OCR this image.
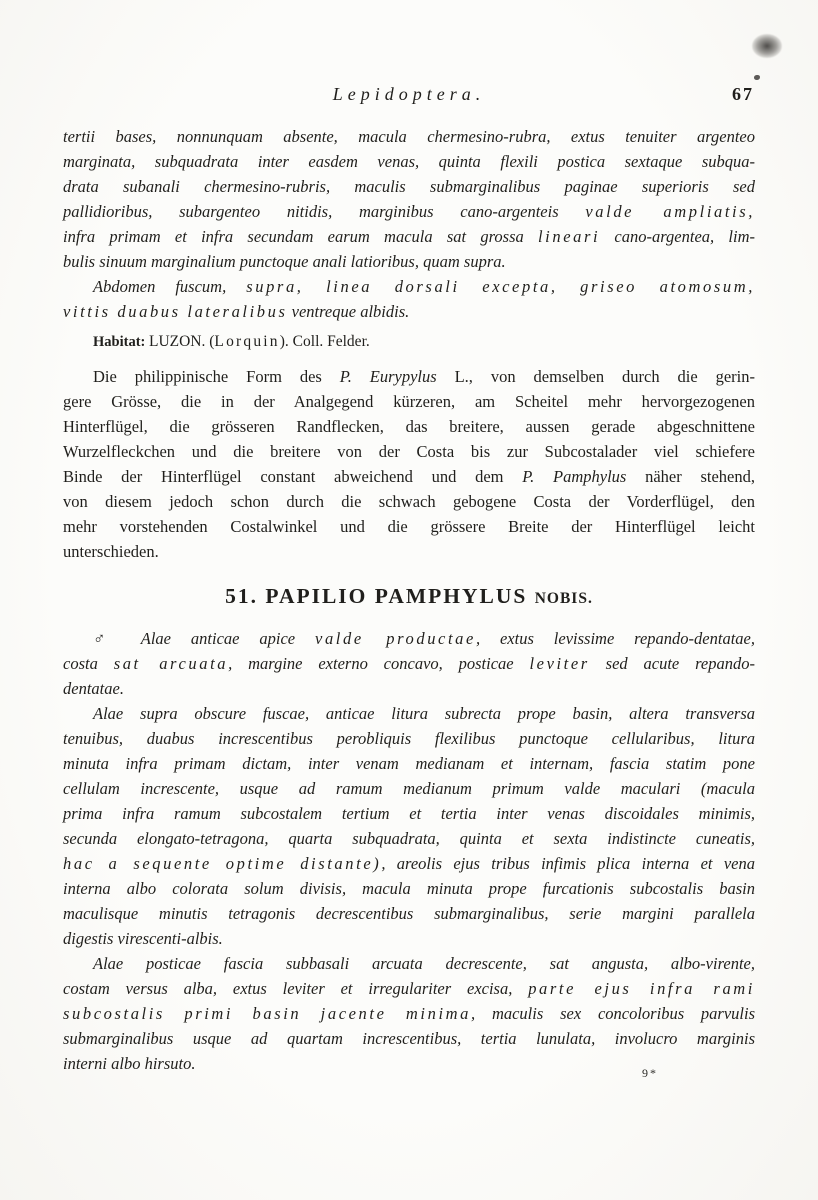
Lepidoptera.	67
tertii bases, nonnunquam absente, macula chermesino-rubra, extus tenuiter argenteo
marginata, subquadrata inter easdem venas, quinta flexili postica sextaque subqua-
drata subanali chermesino-rubris, maculis submarginalibus paginae superioris sed
pallidioribus, subargenteo nitidis, marginibus cano-argenteis valde ampliatis,
infra primam et infra secundam earum macula sat grossa lineari cano-argentea, lim-
bulis sinuum marginalium punctoque anali latioribus, quam supra.
Abdomen fuscum, supra, linea dorsali excepta, griseo atomosum,
vittis duabus lateralibus ventreque albidis.
Habitat: LUZON. (Lorquin). Coll. Felder.
Die philippinische Form des P. Eurypylus L., von demselben durch die gerin-
gere Grösse, die in der Analgegend kürzeren, am Scheitel mehr hervorgezogenen
Hinterflügel, die grösseren Randflecken, das breitere, aussen gerade abgeschnittene
Wurzelfleckchen und die breitere von der Costa bis zur Subcostalader viel schiefere
Binde der Hinterflügel constant abweichend und dem P. Pamphylus näher stehend,
von diesem jedoch schon durch die schwach gebogene Costa der Vorderflügel, den
mehr vorstehenden Costalwinkel und die grössere Breite der Hinterflügel leicht
unterschieden.
51. PAPILIO PAMPHYLUS NOBIS.
♂ Alae anticae apice valde productae, extus levissime repando-dentatae,
costa sat arcuata, margine externo concavo, posticae leviter sed acute repando-
dentatae.
Alae supra obscure fuscae, anticae litura subrecta prope basin, altera transversa
tenuibus, duabus increscentibus perobliquis flexilibus punctoque cellularibus, litura
minuta infra primam dictam, inter venam medianam et internam, fascia statim pone
cellulam increscente, usque ad ramum medianum primum valde maculari (macula
prima infra ramum subcostalem tertium et tertia inter venas discoidales minimis,
secunda elongato-tetragona, quarta subquadrata, quinta et sexta indistincte cuneatis,
hac a sequente optime distante), areolis ejus tribus infimis plica interna et vena
interna albo colorata solum divisis, macula minuta prope furcationis subcostalis basin
maculisque minutis tetragonis decrescentibus submarginalibus, serie margini parallela
digestis virescenti-albis.
Alae posticae fascia subbasali arcuata decrescente, sat angusta, albo-virente,
costam versus alba, extus leviter et irregulariter excisa, parte ejus infra rami
subcostalis primi basin jacente minima, maculis sex concoloribus parvulis
submarginalibus usque ad quartam increscentibus, tertia lunulata, involucro marginis
interni albo hirsuto.	9*
